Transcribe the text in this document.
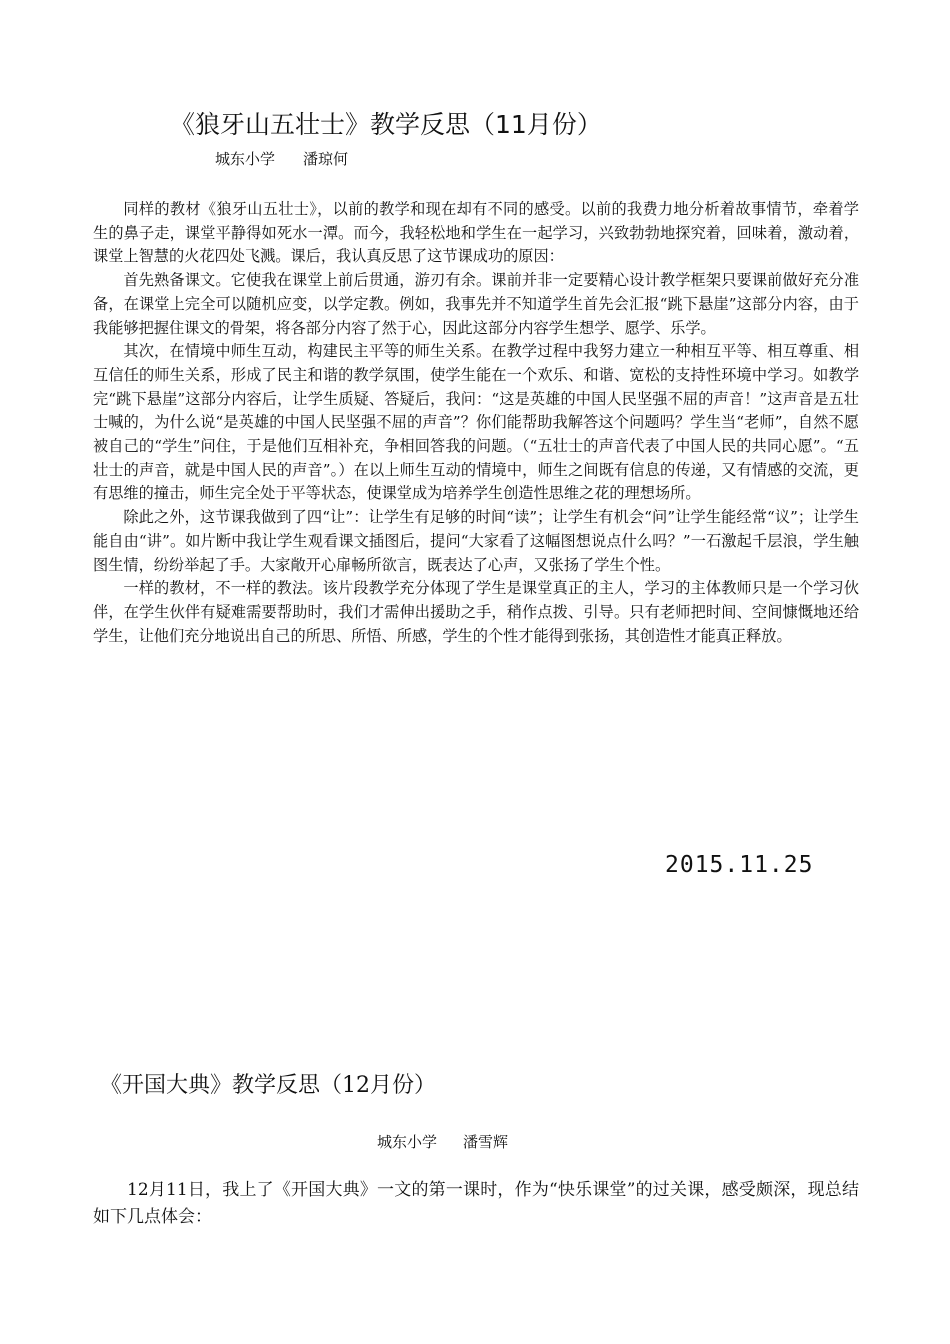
《狼牙山五壮士》教学反思（11月份）
城东小学 潘琼何

同样的教材《狼牙山五壮士》，以前的教学和现在却有不同的感受。以前的我费力地分析着故事情节，牵着学生的鼻子走，课堂平静得如死水一潭。而今，我轻松地和学生在一起学习，兴致勃勃地探究着，回味着，激动着，课堂上智慧的火花四处飞溅。课后，我认真反思了这节课成功的原因：

首先熟备课文。它使我在课堂上前后贯通，游刃有余。课前并非一定要精心设计教学框架只要课前做好充分准备，在课堂上完全可以随机应变，以学定教。例如，我事先并不知道学生首先会汇报“跳下悬崖”这部分内容，由于我能够把握住课文的骨架，将各部分内容了然于心，因此这部分内容学生想学、愿学、乐学。

其次，在情境中师生互动，构建民主平等的师生关系。在教学过程中我努力建立一种相互平等、相互尊重、相互信任的师生关系，形成了民主和谐的教学氛围，使学生能在一个欢乐、和谐、宽松的支持性环境中学习。如教学完“跳下悬崖”这部分内容后，让学生质疑、答疑后，我问：“这是英雄的中国人民坚强不屈的声音！”这声音是五壮士喊的，为什么说“是英雄的中国人民坚强不屈的声音”？你们能帮助我解答这个问题吗？学生当“老师”，自然不愿被自己的“学生”问住，于是他们互相补充，争相回答我的问题。（“五壮士的声音代表了中国人民的共同心愿”。“五壮士的声音，就是中国人民的声音”。）在以上师生互动的情境中，师生之间既有信息的传递，又有情感的交流，更有思维的撞击，师生完全处于平等状态，使课堂成为培养学生创造性思维之花的理想场所。

除此之外，这节课我做到了四“让”：让学生有足够的时间“读”；让学生有机会“问”让学生能经常“议”；让学生能自由“讲”。如片断中我让学生观看课文插图后，提问“大家看了这幅图想说点什么吗？”一石激起千层浪，学生触图生情，纷纷举起了手。大家敞开心扉畅所欲言，既表达了心声，又张扬了学生个性。

一样的教材，不一样的教法。该片段教学充分体现了学生是课堂真正的主人，学习的主体教师只是一个学习伙伴，在学生伙伴有疑难需要帮助时，我们才需伸出援助之手，稍作点拨、引导。只有老师把时间、空间慷慨地还给学生，让他们充分地说出自己的所思、所悟、所感，学生的个性才能得到张扬，其创造性才能真正释放。

2015.11.25
《开国大典》教学反思（12月份）
城东小学 潘雪辉

12月11日，我上了《开国大典》一文的第一课时，作为“快乐课堂”的过关课，感受颇深，现总结如下几点体会：
